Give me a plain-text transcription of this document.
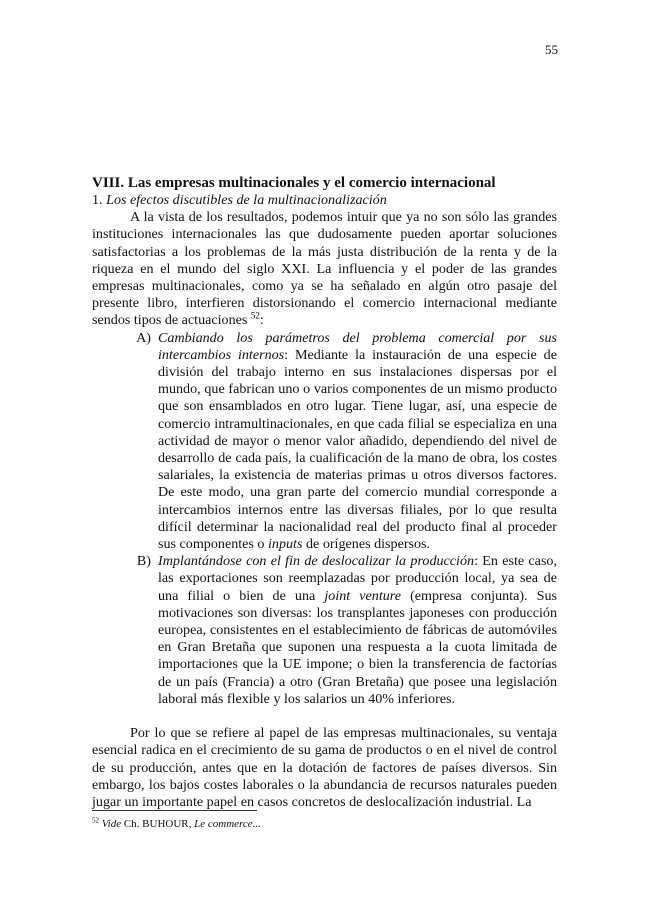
55
VIII. Las empresas multinacionales y el comercio internacional
1. Los efectos discutibles de la multinacionalización

A la vista de los resultados, podemos intuir que ya no son sólo las grandes instituciones internacionales las que dudosamente pueden aportar soluciones satisfactorias a los problemas de la más justa distribución de la renta y de la riqueza en el mundo del siglo XXI. La influencia y el poder de las grandes empresas multinacionales, como ya se ha señalado en algún otro pasaje del presente libro, interfieren distorsionando el comercio internacional mediante sendos tipos de actuaciones $^{52}$:

A) Cambiando los parámetros del problema comercial por sus intercambios internos: Mediante la instauración de una especie de división del trabajo interno en sus instalaciones dispersas por el mundo, que fabrican uno o varios componentes de un mismo producto que son ensamblados en otro lugar. Tiene lugar, así, una especie de comercio intramultinacionales, en que cada filial se especializa en una actividad de mayor o menor valor añadido, dependiendo del nivel de desarrollo de cada país, la cualificación de la mano de obra, los costes salariales, la existencia de materias primas u otros diversos factores. De este modo, una gran parte del comercio mundial corresponde a intercambios internos entre las diversas filiales, por lo que resulta difícil determinar la nacionalidad real del producto final al proceder sus componentes o inputs de orígenes dispersos.
B) Implantándose con el fin de deslocalizar la producción: En este caso, las exportaciones son reemplazadas por producción local, ya sea de una filial o bien de una joint venture (empresa conjunta). Sus motivaciones son diversas: los transplantes japoneses con producción europea, consistentes en el establecimiento de fábricas de automóviles en Gran Bretaña que suponen una respuesta a la cuota limitada de importaciones que la UE impone; o bien la transferencia de factorías de un país (Francia) a otro (Gran Bretaña) que posee una legislación laboral más flexible y los salarios un 40% inferiores.

Por lo que se refiere al papel de las empresas multinacionales, su ventaja esencial radica en el crecimiento de su gama de productos o en el nivel de control de su producción, antes que en la dotación de factores de países diversos. Sin embargo, los bajos costes laborales o la abundancia de recursos naturales pueden jugar un importante papel en casos concretos de deslocalización industrial. La

$^{52}$ Vide Ch. BUHOUR, Le commerce...
